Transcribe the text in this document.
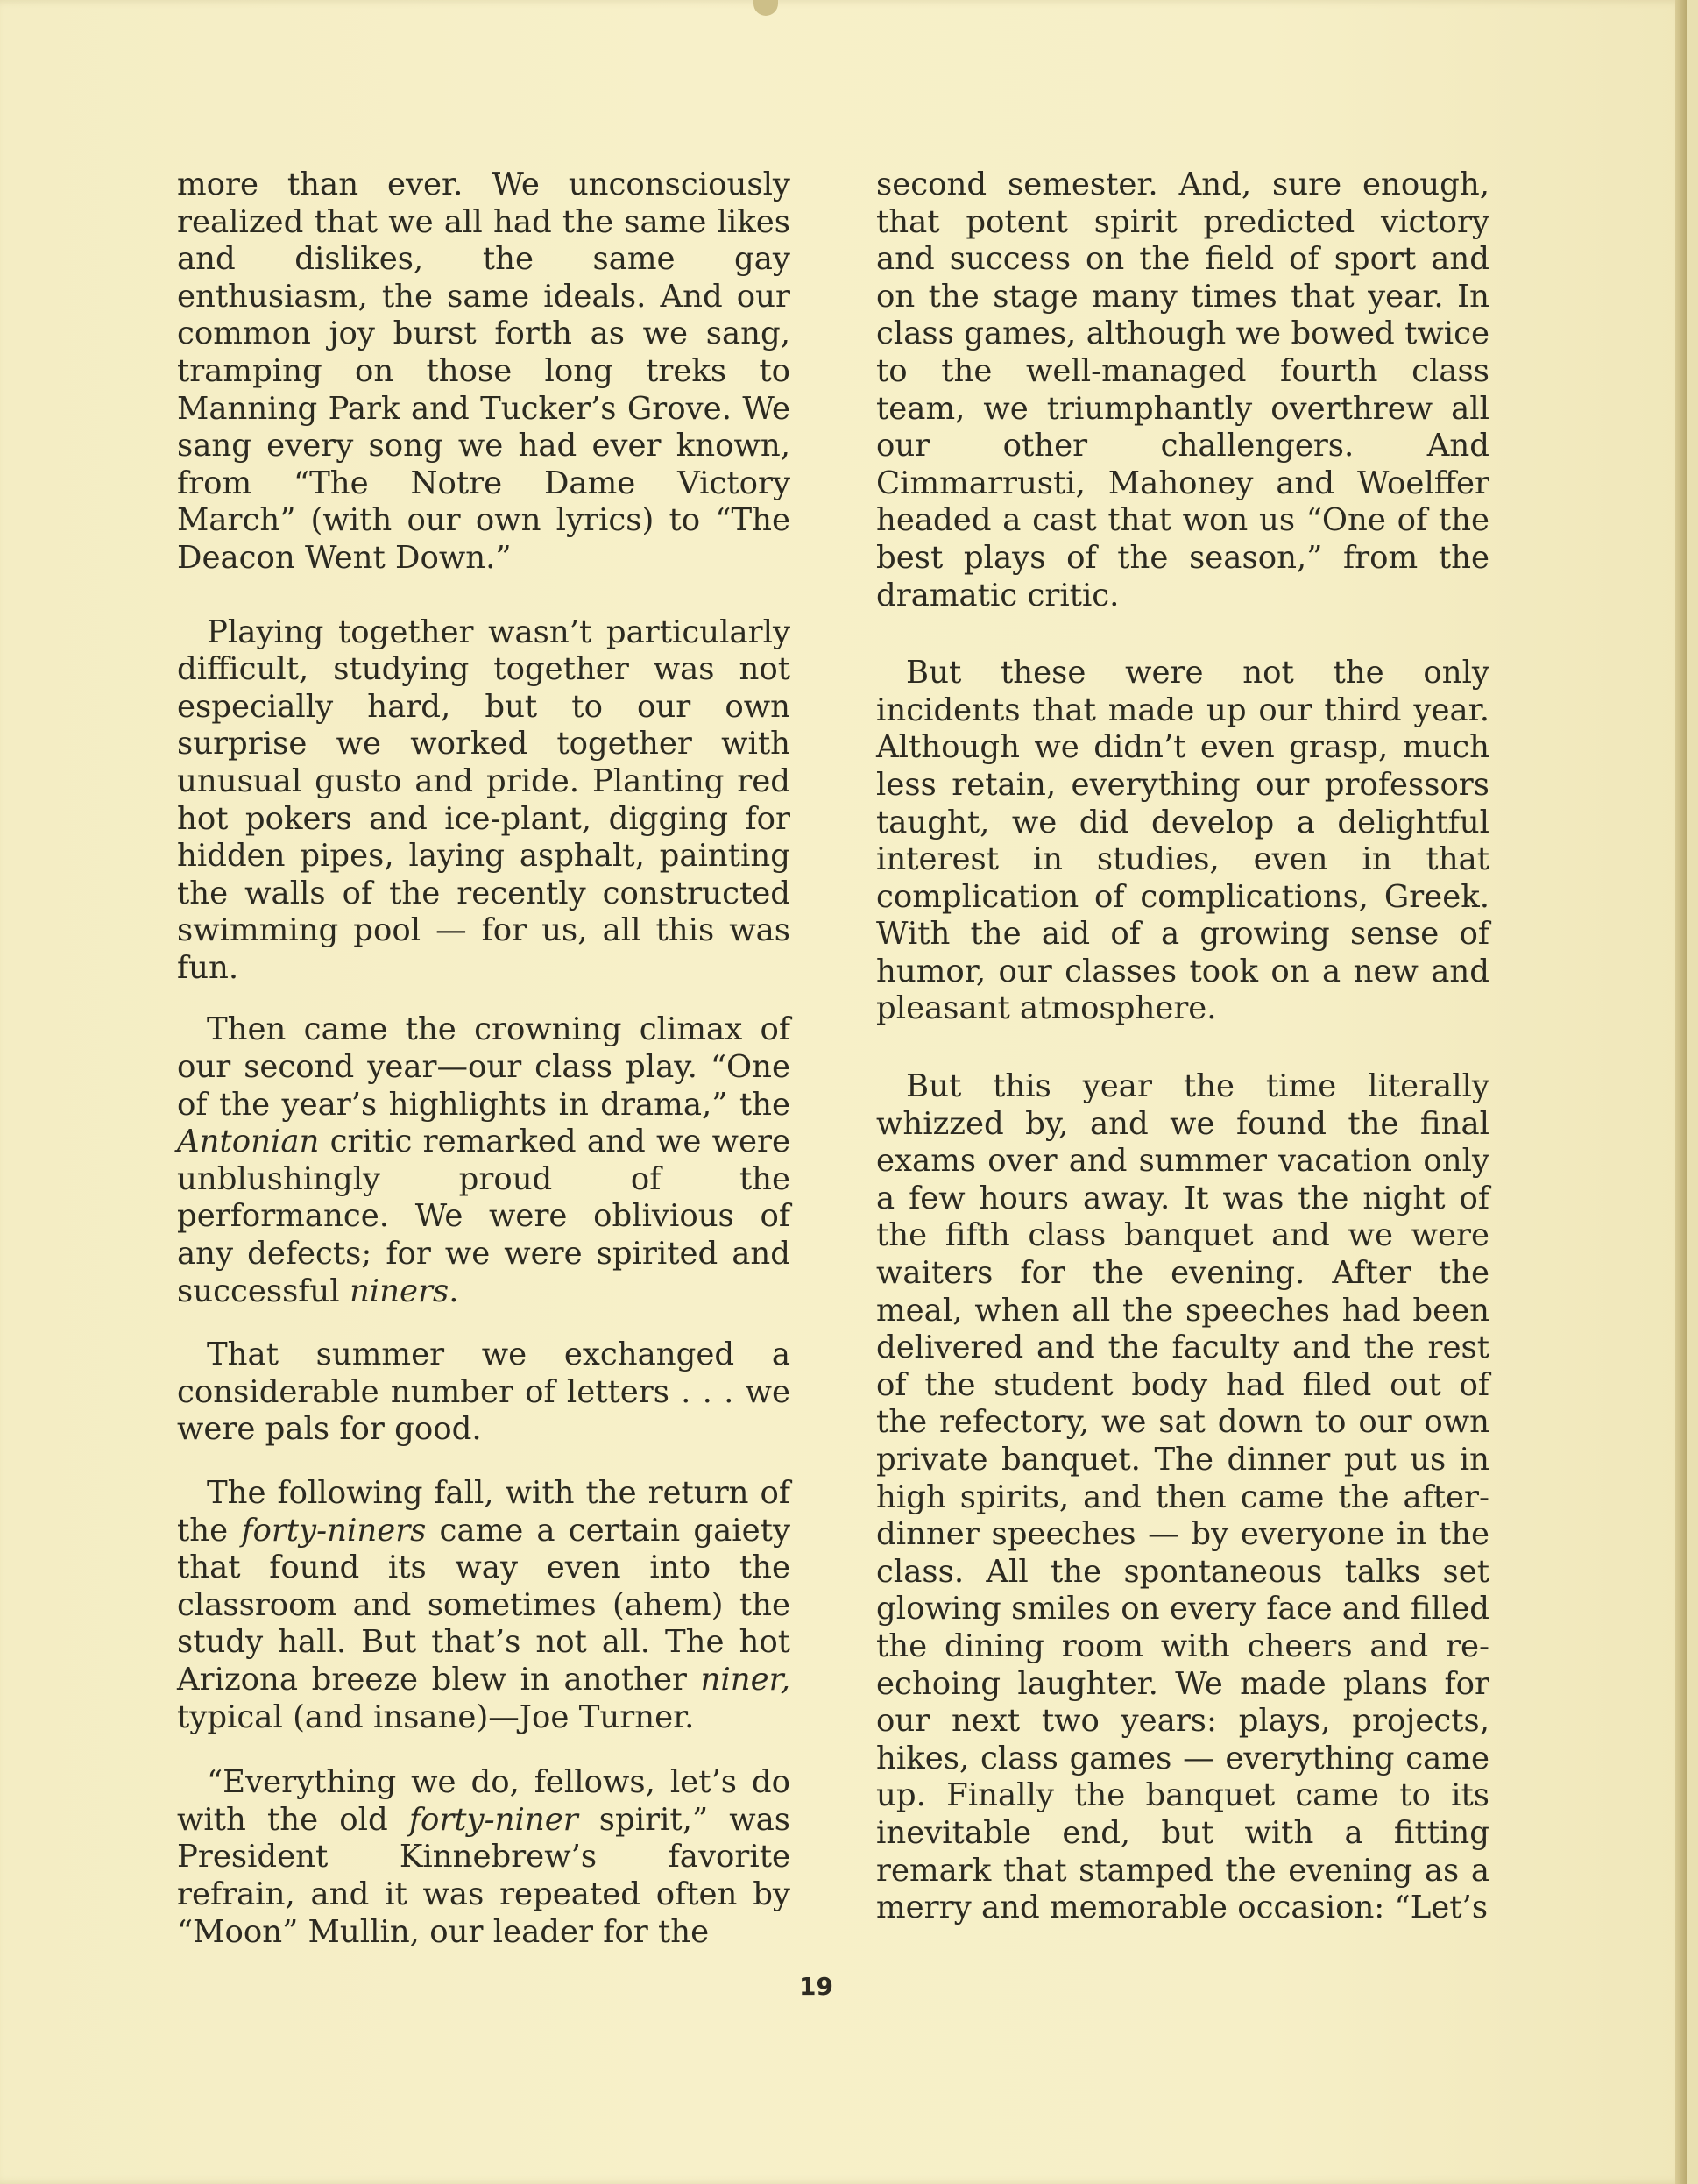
more than ever. We unconsciously realized that we all had the same likes and dislikes, the same gay enthusiasm, the same ideals. And our common joy burst forth as we sang, tramping on those long treks to Manning Park and Tucker’s Grove. We sang every song we had ever known, from “The Notre Dame Victory March” (with our own lyrics) to “The Deacon Went Down.”

Playing together wasn’t particularly difficult, studying together was not especially hard, but to our own surprise we worked together with unusual gusto and pride. Planting red hot pokers and ice-plant, digging for hidden pipes, laying asphalt, painting the walls of the recently constructed swimming pool — for us, all this was fun.

Then came the crowning climax of our second year—our class play. “One of the year’s highlights in drama,” the Antonian critic remarked and we were unblushingly proud of the performance. We were oblivious of any defects; for we were spirited and successful niners.

That summer we exchanged a considerable number of letters . . . we were pals for good.

The following fall, with the return of the forty-niners came a certain gaiety that found its way even into the classroom and sometimes (ahem) the study hall. But that’s not all. The hot Arizona breeze blew in another niner, typical (and insane)—Joe Turner.

“Everything we do, fellows, let’s do with the old forty-niner spirit,” was President Kinnebrew’s favorite refrain, and it was repeated often by “Moon” Mullin, our leader for the

second semester. And, sure enough, that potent spirit predicted victory and success on the field of sport and on the stage many times that year. In class games, although we bowed twice to the well-managed fourth class team, we triumphantly overthrew all our other challengers. And Cimmarrusti, Mahoney and Woelffer headed a cast that won us “One of the best plays of the season,” from the dramatic critic.

But these were not the only incidents that made up our third year. Although we didn’t even grasp, much less retain, everything our professors taught, we did develop a delightful interest in studies, even in that complication of complications, Greek. With the aid of a growing sense of humor, our classes took on a new and pleasant atmosphere.

But this year the time literally whizzed by, and we found the final exams over and summer vacation only a few hours away. It was the night of the fifth class banquet and we were waiters for the evening. After the meal, when all the speeches had been delivered and the faculty and the rest of the student body had filed out of the refectory, we sat down to our own private banquet. The dinner put us in high spirits, and then came the after-dinner speeches — by everyone in the class. All the spontaneous talks set glowing smiles on every face and filled the dining room with cheers and re-echoing laughter. We made plans for our next two years: plays, projects, hikes, class games — everything came up. Finally the banquet came to its inevitable end, but with a fitting remark that stamped the evening as a merry and memorable occasion: “Let’s

19
